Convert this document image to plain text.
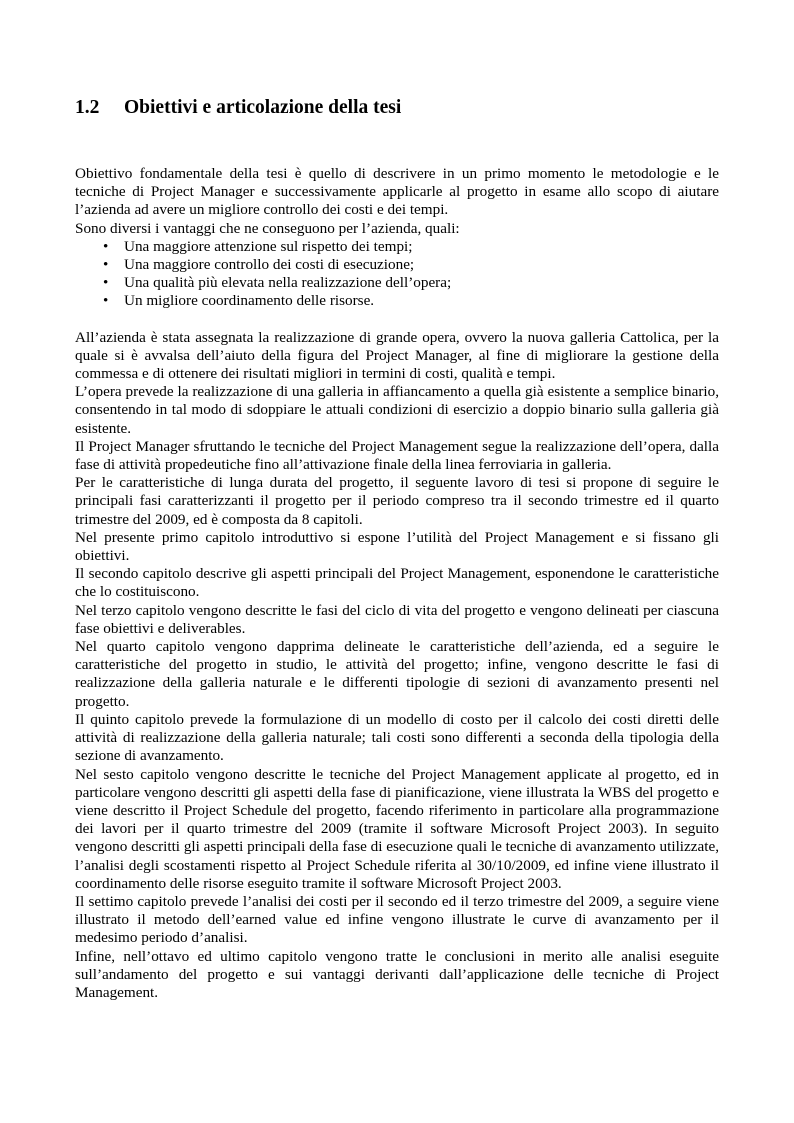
1.2 Obiettivi e articolazione della tesi

Obiettivo fondamentale della tesi è quello di descrivere in un primo momento le metodologie e le tecniche di Project Manager e successivamente applicarle al progetto in esame allo scopo di aiutare l’azienda ad avere un migliore controllo dei costi e dei tempi.

Sono diversi i vantaggi che ne conseguono per l’azienda, quali:

• Una maggiore attenzione sul rispetto dei tempi;
• Una maggiore controllo dei costi di esecuzione;
• Una qualità più elevata nella realizzazione dell’opera;
• Un migliore coordinamento delle risorse.

All’azienda è stata assegnata la realizzazione di grande opera, ovvero la nuova galleria Cattolica, per la quale si è avvalsa dell’aiuto della figura del Project Manager, al fine di migliorare la gestione della commessa e di ottenere dei risultati migliori in termini di costi, qualità e tempi.

L’opera prevede la realizzazione di una galleria in affiancamento a quella già esistente a semplice binario, consentendo in tal modo di sdoppiare le attuali condizioni di esercizio a doppio binario sulla galleria già esistente.

Il Project Manager sfruttando le tecniche del Project Management segue la realizzazione dell’opera, dalla fase di attività propedeutiche fino all’attivazione finale della linea ferroviaria in galleria.

Per le caratteristiche di lunga durata del progetto, il seguente lavoro di tesi si propone di seguire le principali fasi caratterizzanti il progetto per il periodo compreso tra il secondo trimestre ed il quarto trimestre del 2009, ed è composta da 8 capitoli.

Nel presente primo capitolo introduttivo si espone l’utilità del Project Management e si fissano gli obiettivi.

Il secondo capitolo descrive gli aspetti principali del Project Management, esponendone le caratteristiche che lo costituiscono.

Nel terzo capitolo vengono descritte le fasi del ciclo di vita del progetto e vengono delineati per ciascuna fase obiettivi e deliverables.

Nel quarto capitolo vengono dapprima delineate le caratteristiche dell’azienda, ed a seguire le caratteristiche del progetto in studio, le attività del progetto; infine, vengono descritte le fasi di realizzazione della galleria naturale e le differenti tipologie di sezioni di avanzamento presenti nel progetto.

Il quinto capitolo prevede la formulazione di un modello di costo per il calcolo dei costi diretti delle attività di realizzazione della galleria naturale; tali costi sono differenti a seconda della tipologia della sezione di avanzamento.

Nel sesto capitolo vengono descritte le tecniche del Project Management applicate al progetto, ed in particolare vengono descritti gli aspetti della fase di pianificazione, viene illustrata la WBS del progetto e viene descritto il Project Schedule del progetto, facendo riferimento in particolare alla programmazione dei lavori per il quarto trimestre del 2009 (tramite il software Microsoft Project 2003). In seguito vengono descritti gli aspetti principali della fase di esecuzione quali le tecniche di avanzamento utilizzate, l’analisi degli scostamenti rispetto al Project Schedule riferita al 30/10/2009, ed infine viene illustrato il coordinamento delle risorse eseguito tramite il software Microsoft Project 2003.

Il settimo capitolo prevede l’analisi dei costi per il secondo ed il terzo trimestre del 2009, a seguire viene illustrato il metodo dell’earned value ed infine vengono illustrate le curve di avanzamento per il medesimo periodo d’analisi.

Infine, nell’ottavo ed ultimo capitolo vengono tratte le conclusioni in merito alle analisi eseguite sull’andamento del progetto e sui vantaggi derivanti dall’applicazione delle tecniche di Project Management.
